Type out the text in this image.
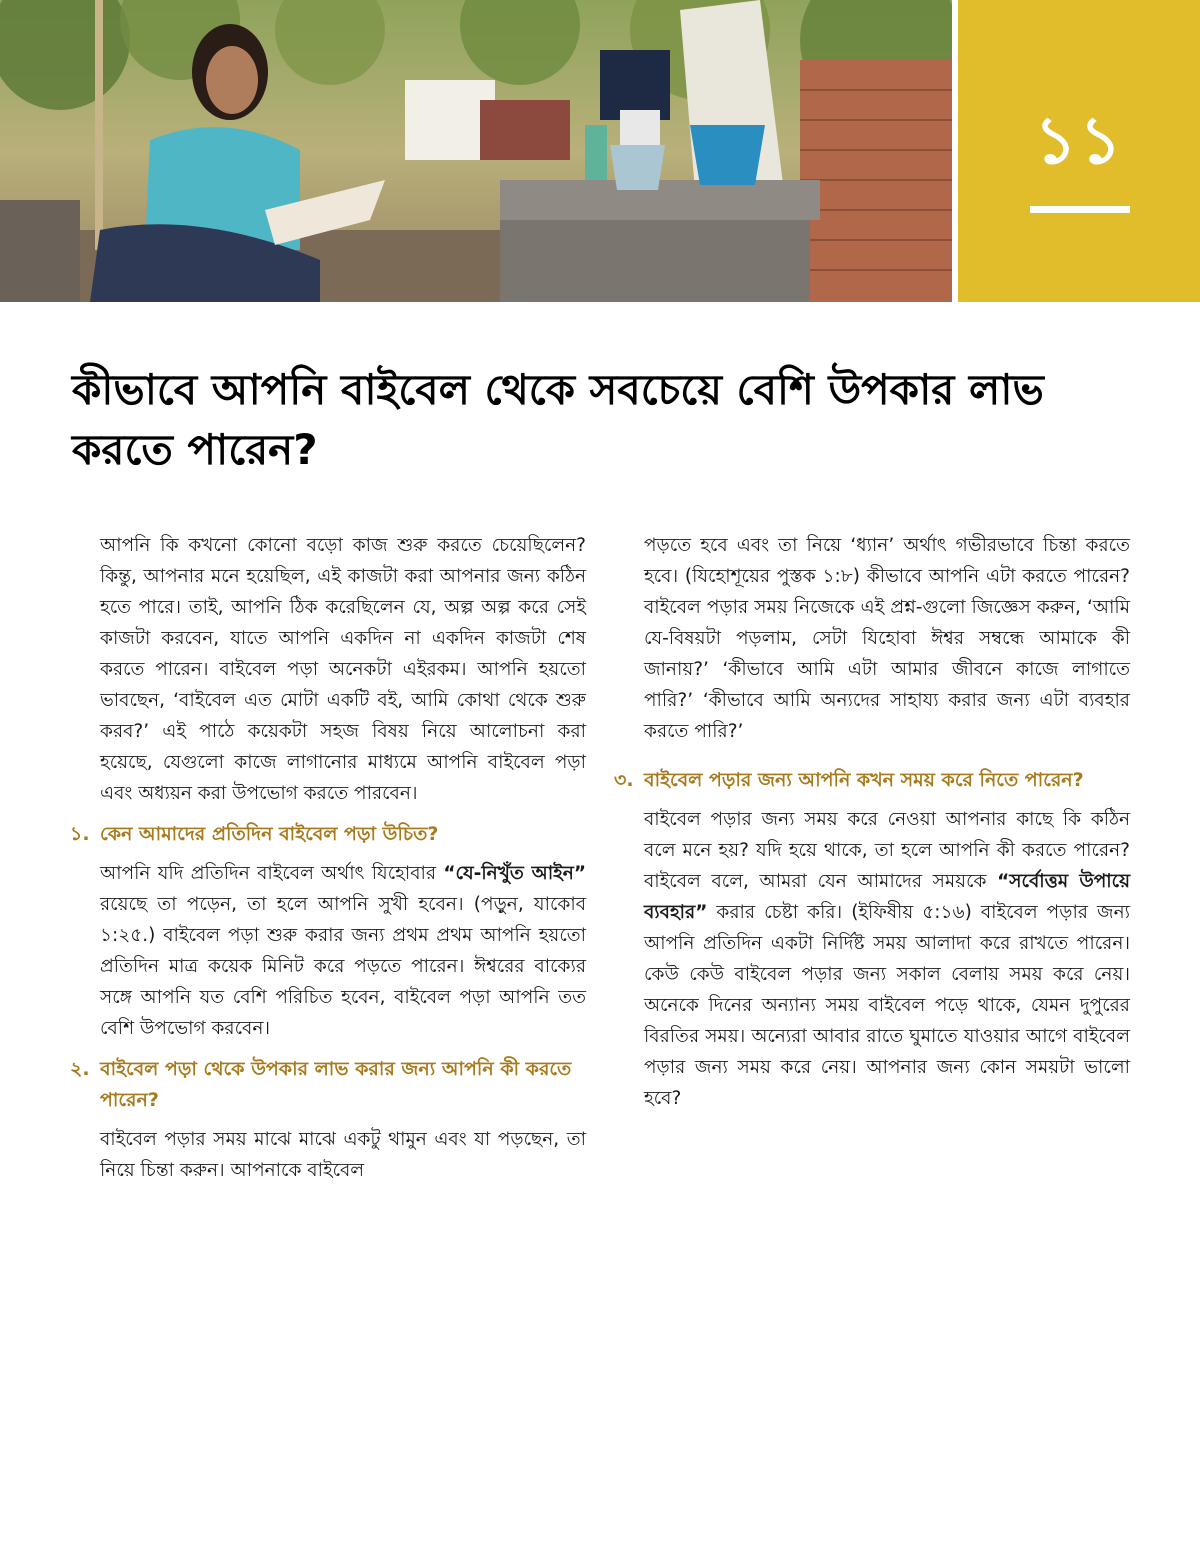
১১
কীভাবে আপনি বাইবেল থেকে সবচেয়ে বেশি উপকার লাভ করতে পারেন?

আপনি কি কখনো কোনো বড়ো কাজ শুরু করতে চেয়েছিলেন? কিন্তু, আপনার মনে হয়েছিল, এই কাজটা করা আপনার জন্য কঠিন হতে পারে। তাই, আপনি ঠিক করেছিলেন যে, অল্প অল্প করে সেই কাজটা করবেন, যাতে আপনি একদিন না একদিন কাজটা শেষ করতে পারেন। বাইবেল পড়া অনেকটা এইরকম। আপনি হয়তো ভাবছেন, ‘বাইবেল এত মোটা একটি বই, আমি কোথা থেকে শুরু করব?’ এই পাঠে কয়েকটা সহজ বিষয় নিয়ে আলোচনা করা হয়েছে, যেগুলো কাজে লাগানোর মাধ্যমে আপনি বাইবেল পড়া এবং অধ্যয়ন করা উপভোগ করতে পারবেন।

১. কেন আমাদের প্রতিদিন বাইবেল পড়া উচিত?

আপনি যদি প্রতিদিন বাইবেল অর্থাৎ যিহোবার “যে-নিখুঁত আইন” রয়েছে তা পড়েন, তা হলে আপনি সুখী হবেন। (পড়ুন, যাকোব ১:২৫.) বাইবেল পড়া শুরু করার জন্য প্রথম প্রথম আপনি হয়তো প্রতিদিন মাত্র কয়েক মিনিট করে পড়তে পারেন। ঈশ্বরের বাক্যের সঙ্গে আপনি যত বেশি পরিচিত হবেন, বাইবেল পড়া আপনি তত বেশি উপভোগ করবেন।

২. বাইবেল পড়া থেকে উপকার লাভ করার জন্য আপনি কী করতে পারেন?

বাইবেল পড়ার সময় মাঝে মাঝে একটু থামুন এবং যা পড়ছেন, তা নিয়ে চিন্তা করুন। আপনাকে বাইবেল

পড়তে হবে এবং তা নিয়ে ‘ধ্যান’ অর্থাৎ গভীরভাবে চিন্তা করতে হবে। (যিহোশূয়ের পুস্তক ১:৮) কীভাবে আপনি এটা করতে পারেন? বাইবেল পড়ার সময় নিজেকে এই প্রশ্ন-গুলো জিজ্ঞেস করুন, ‘আমি যে-বিষয়টা পড়লাম, সেটা যিহোবা ঈশ্বর সম্বন্ধে আমাকে কী জানায়?’ ‘কীভাবে আমি এটা আমার জীবনে কাজে লাগাতে পারি?’ ‘কীভাবে আমি অন্যদের সাহায্য করার জন্য এটা ব্যবহার করতে পারি?’

৩. বাইবেল পড়ার জন্য আপনি কখন সময় করে নিতে পারেন?

বাইবেল পড়ার জন্য সময় করে নেওয়া আপনার কাছে কি কঠিন বলে মনে হয়? যদি হয়ে থাকে, তা হলে আপনি কী করতে পারেন? বাইবেল বলে, আমরা যেন আমাদের সময়কে “সর্বোত্তম উপায়ে ব্যবহার” করার চেষ্টা করি। (ইফিষীয় ৫:১৬) বাইবেল পড়ার জন্য আপনি প্রতিদিন একটা নির্দিষ্ট সময় আলাদা করে রাখতে পারেন। কেউ কেউ বাইবেল পড়ার জন্য সকাল বেলায় সময় করে নেয়। অনেকে দিনের অন্যান্য সময় বাইবেল পড়ে থাকে, যেমন দুপুরের বিরতির সময়। অন্যেরা আবার রাতে ঘুমাতে যাওয়ার আগে বাইবেল পড়ার জন্য সময় করে নেয়। আপনার জন্য কোন সময়টা ভালো হবে?
